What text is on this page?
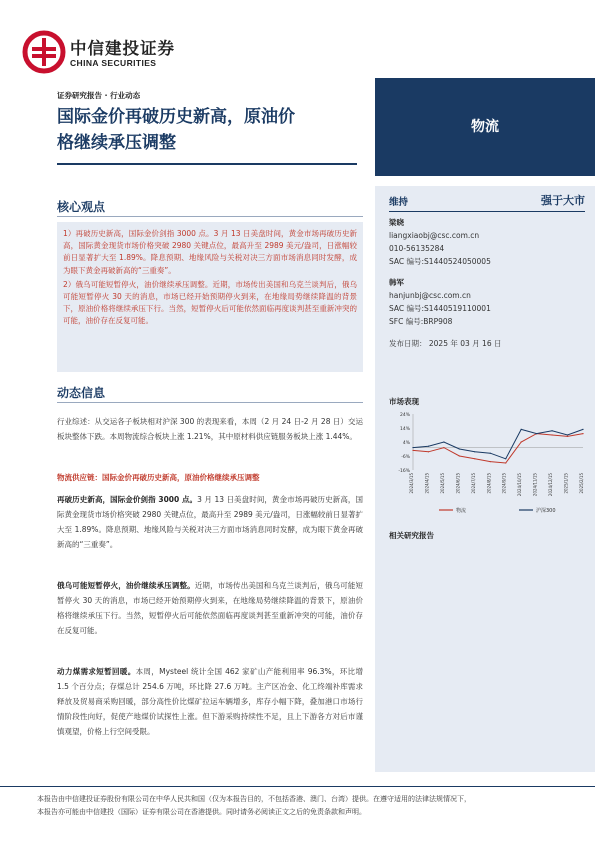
中信建投证券
CHINA SECURITIES
证券研究报告 · 行业动态
国际金价再破历史新高，原油价
格继续承压调整
物流
维持	强于大市
梁晓
liangxiaobj@csc.com.cn
010-56135284
SAC 编号:S1440524050005
韩军
hanjunbj@csc.com.cn
SAC 编号:S1440519110001
SFC 编号:BRP908
发布日期： 2025 年 03 月 16 日
市场表现
24%
14%
4%
-6%
-16%
2024/3/15	2024/4/15	2024/5/15	2024/6/15	2024/7/15	2024/8/15	2024/9/15	2024/10/15	2024/11/15	2024/12/15	2025/1/15	2025/2/15
物流	沪深300
相关研究报告
核心观点

1）再破历史新高，国际金价剑指 3000 点。3 月 13 日美盘时间，黄金市场再破历史新高，国际黄金现货市场价格突破 2980 关键点位，最高升至 2989 美元/盎司，日涨幅较前日显著扩大至 1.89%。降息预期、地缘风险与关税对决三方面市场消息同时发酵，成为眼下黄金再破新高的“三重奏”。

2）俄乌可能短暂停火，油价继续承压调整。近期，市场传出美国和乌克兰谈判后，俄乌可能短暂停火 30 天的消息，市场已经开始预期停火到来，在地缘局势继续降温的背景下，原油价格将继续承压下行。当然，短暂停火后可能依然面临再度谈判甚至重新冲突的可能，油价存在反复可能。

动态信息
行业综述：从交运各子板块相对沪深 300 的表现来看，本周（2 月 24 日-2 月 28 日）交运板块整体下跌。本周物流综合板块上涨 1.21%，其中原材料供应链服务板块上涨 1.44%。
物流供应链：国际金价再破历史新高，原油价格继续承压调整
再破历史新高，国际金价剑指 3000 点。3 月 13 日美盘时间，黄金市场再破历史新高，国际黄金现货市场价格突破 2980 关键点位，最高升至 2989 美元/盎司，日涨幅较前日显著扩大至 1.89%。降息预期、地缘风险与关税对决三方面市场消息同时发酵，成为眼下黄金再破新高的“三重奏”。
俄乌可能短暂停火，油价继续承压调整。近期，市场传出美国和乌克兰谈判后，俄乌可能短暂停火 30 天的消息，市场已经开始预期停火到来，在地缘局势继续降温的背景下，原油价格将继续承压下行。当然，短暂停火后可能依然面临再度谈判甚至重新冲突的可能，油价存在反复可能。
动力煤需求短暂回暖。本周，Mysteel 统计全国 462 家矿山产能利用率 96.3%，环比增 1.5 个百分点；存煤总计 254.6 万吨，环比降 27.6 万吨。主产区冶金、化工终端补库需求释放及贸易商采购回暖，部分高性价比煤矿拉运车辆增多，库存小幅下降，叠加港口市场行情阶段性向好，促使产地煤价试探性上涨。但下游采购持续性不足，且上下游各方对后市谨慎观望，价格上行空间受限。
本报告由中信建投证券股份有限公司在中华人民共和国（仅为本报告目的，不包括香港、澳门、台湾）提供。在遵守适用的法律法规情况下，
本报告亦可能由中信建投（国际）证券有限公司在香港提供。同时请务必阅读正文之后的免责条款和声明。
